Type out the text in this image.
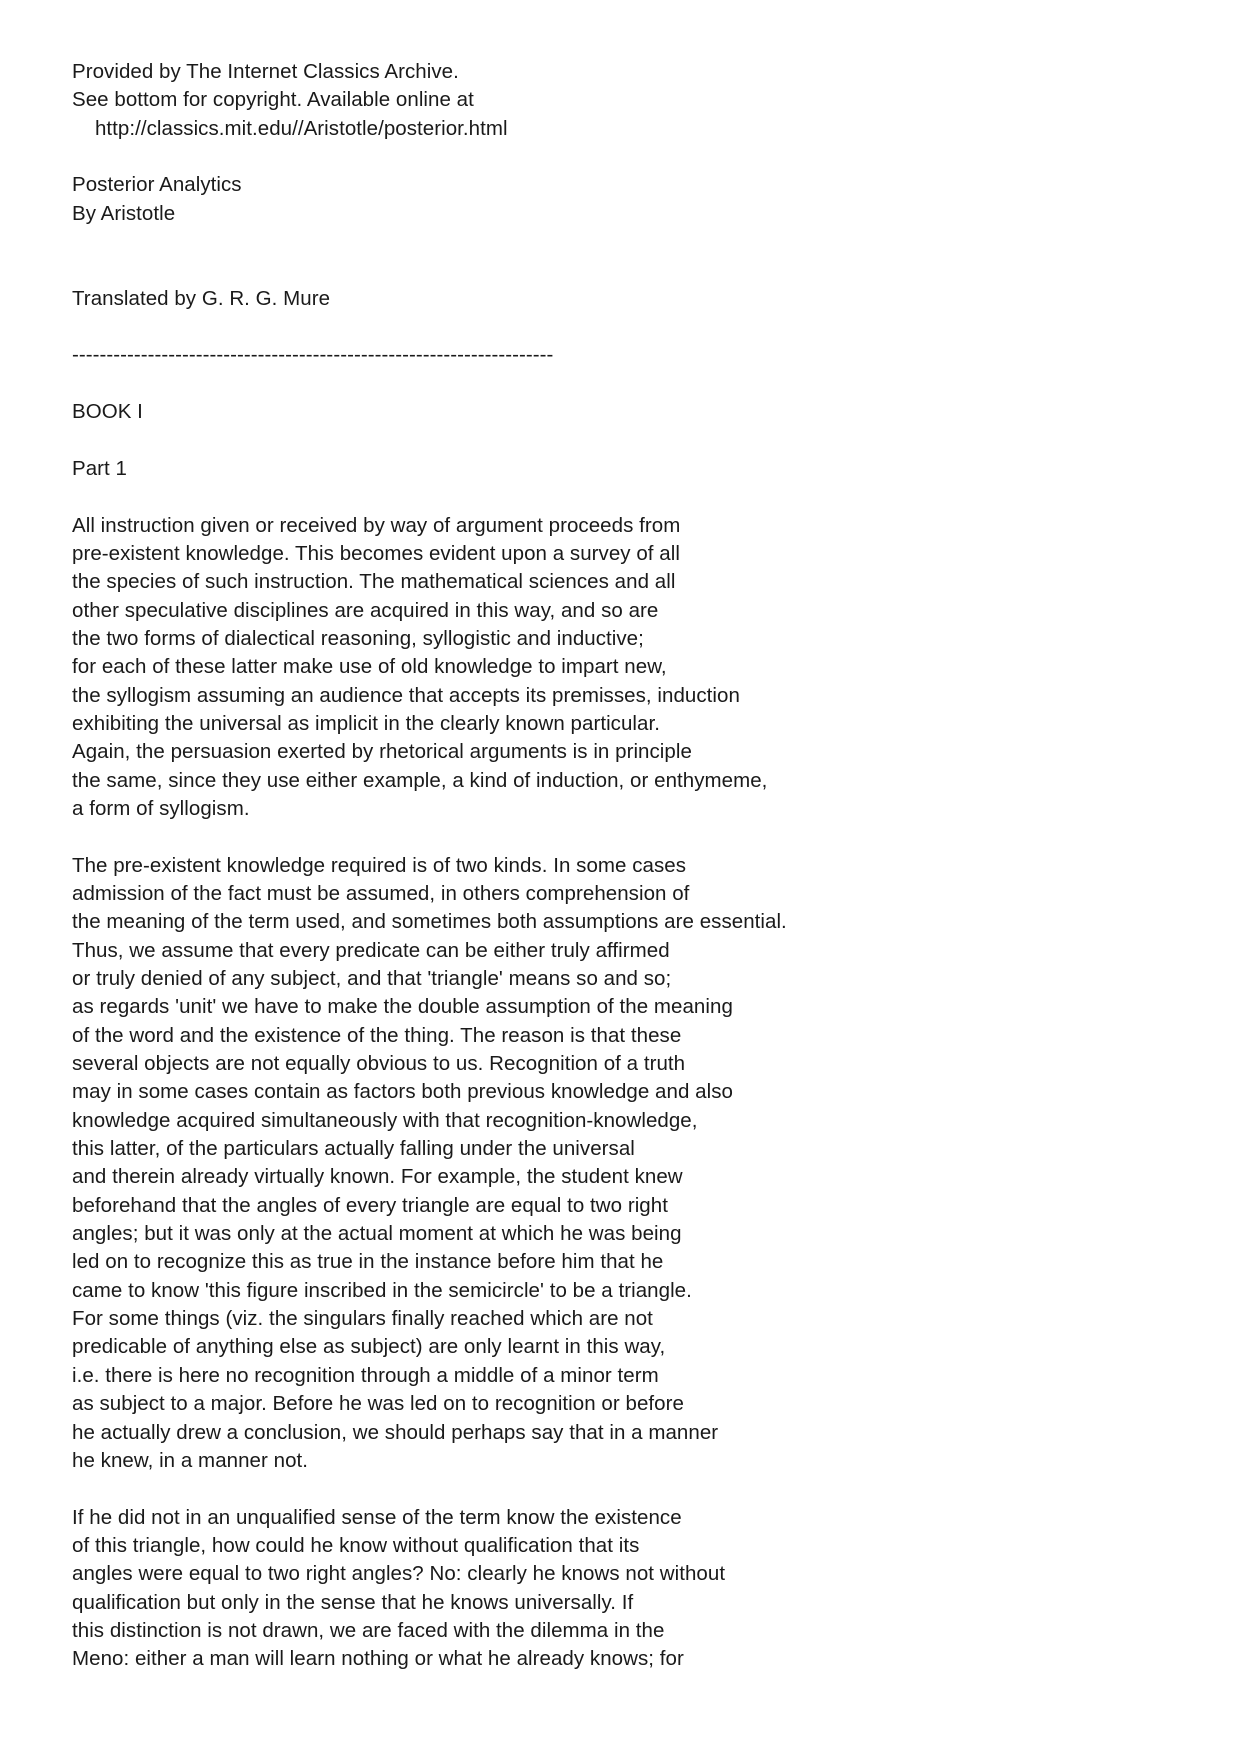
Provided by The Internet Classics Archive.
See bottom for copyright. Available online at
http://classics.mit.edu//Aristotle/posterior.html
Posterior Analytics
By Aristotle
Translated by G. R. G. Mure
----------------------------------------------------------------------
BOOK I
Part 1
All instruction given or received by way of argument proceeds from
pre-existent knowledge. This becomes evident upon a survey of all
the species of such instruction. The mathematical sciences and all
other speculative disciplines are acquired in this way, and so are
the two forms of dialectical reasoning, syllogistic and inductive;
for each of these latter make use of old knowledge to impart new,
the syllogism assuming an audience that accepts its premisses, induction
exhibiting the universal as implicit in the clearly known particular.
Again, the persuasion exerted by rhetorical arguments is in principle
the same, since they use either example, a kind of induction, or enthymeme,
a form of syllogism.
The pre-existent knowledge required is of two kinds. In some cases
admission of the fact must be assumed, in others comprehension of
the meaning of the term used, and sometimes both assumptions are essential.
Thus, we assume that every predicate can be either truly affirmed
or truly denied of any subject, and that 'triangle' means so and so;
as regards 'unit' we have to make the double assumption of the meaning
of the word and the existence of the thing. The reason is that these
several objects are not equally obvious to us. Recognition of a truth
may in some cases contain as factors both previous knowledge and also
knowledge acquired simultaneously with that recognition-knowledge,
this latter, of the particulars actually falling under the universal
and therein already virtually known. For example, the student knew
beforehand that the angles of every triangle are equal to two right
angles; but it was only at the actual moment at which he was being
led on to recognize this as true in the instance before him that he
came to know 'this figure inscribed in the semicircle' to be a triangle.
For some things (viz. the singulars finally reached which are not
predicable of anything else as subject) are only learnt in this way,
i.e. there is here no recognition through a middle of a minor term
as subject to a major. Before he was led on to recognition or before
he actually drew a conclusion, we should perhaps say that in a manner
he knew, in a manner not.
If he did not in an unqualified sense of the term know the existence
of this triangle, how could he know without qualification that its
angles were equal to two right angles? No: clearly he knows not without
qualification but only in the sense that he knows universally. If
this distinction is not drawn, we are faced with the dilemma in the
Meno: either a man will learn nothing or what he already knows; for
